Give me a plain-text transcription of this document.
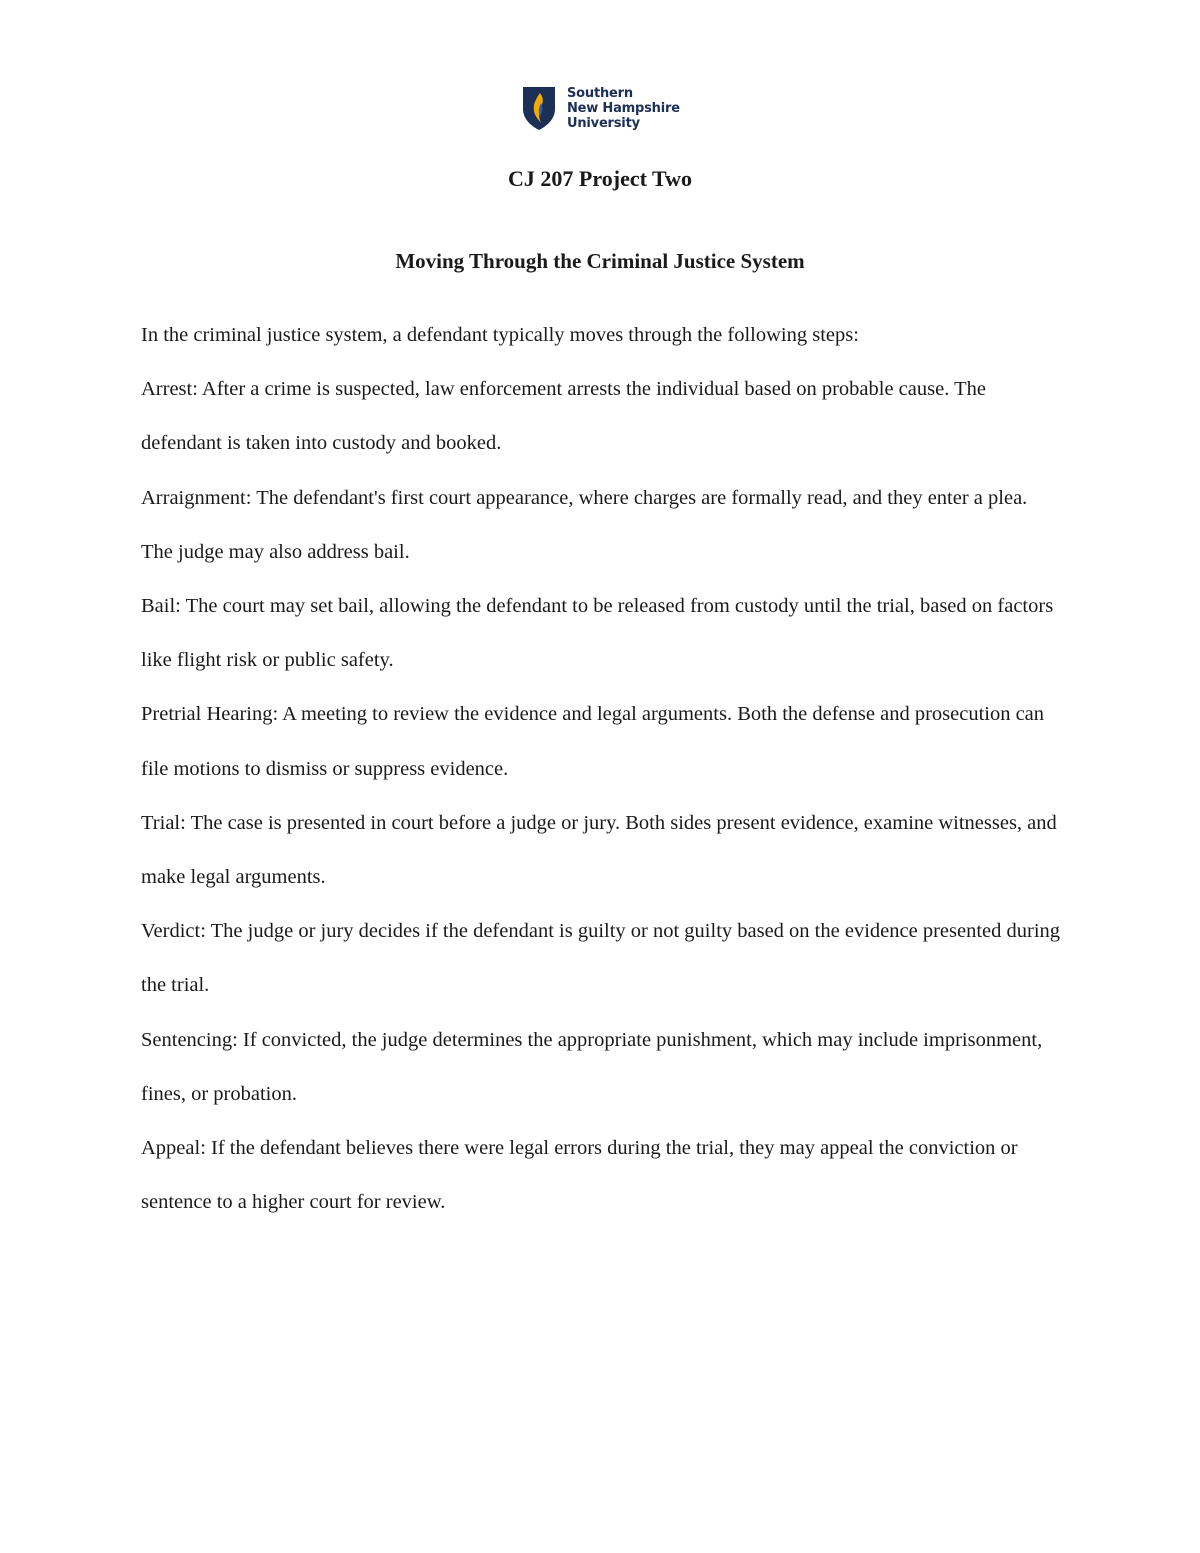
Southern
New Hampshire
University
CJ 207 Project Two
Moving Through the Criminal Justice System

In the criminal justice system, a defendant typically moves through the following steps:

Arrest: After a crime is suspected, law enforcement arrests the individual based on probable cause. The defendant is taken into custody and booked.

Arraignment: The defendant's first court appearance, where charges are formally read, and they enter a plea. The judge may also address bail.

Bail: The court may set bail, allowing the defendant to be released from custody until the trial, based on factors like flight risk or public safety.

Pretrial Hearing: A meeting to review the evidence and legal arguments. Both the defense and prosecution can file motions to dismiss or suppress evidence.

Trial: The case is presented in court before a judge or jury. Both sides present evidence, examine witnesses, and make legal arguments.

Verdict: The judge or jury decides if the defendant is guilty or not guilty based on the evidence presented during the trial.

Sentencing: If convicted, the judge determines the appropriate punishment, which may include imprisonment, fines, or probation.

Appeal: If the defendant believes there were legal errors during the trial, they may appeal the conviction or sentence to a higher court for review.
